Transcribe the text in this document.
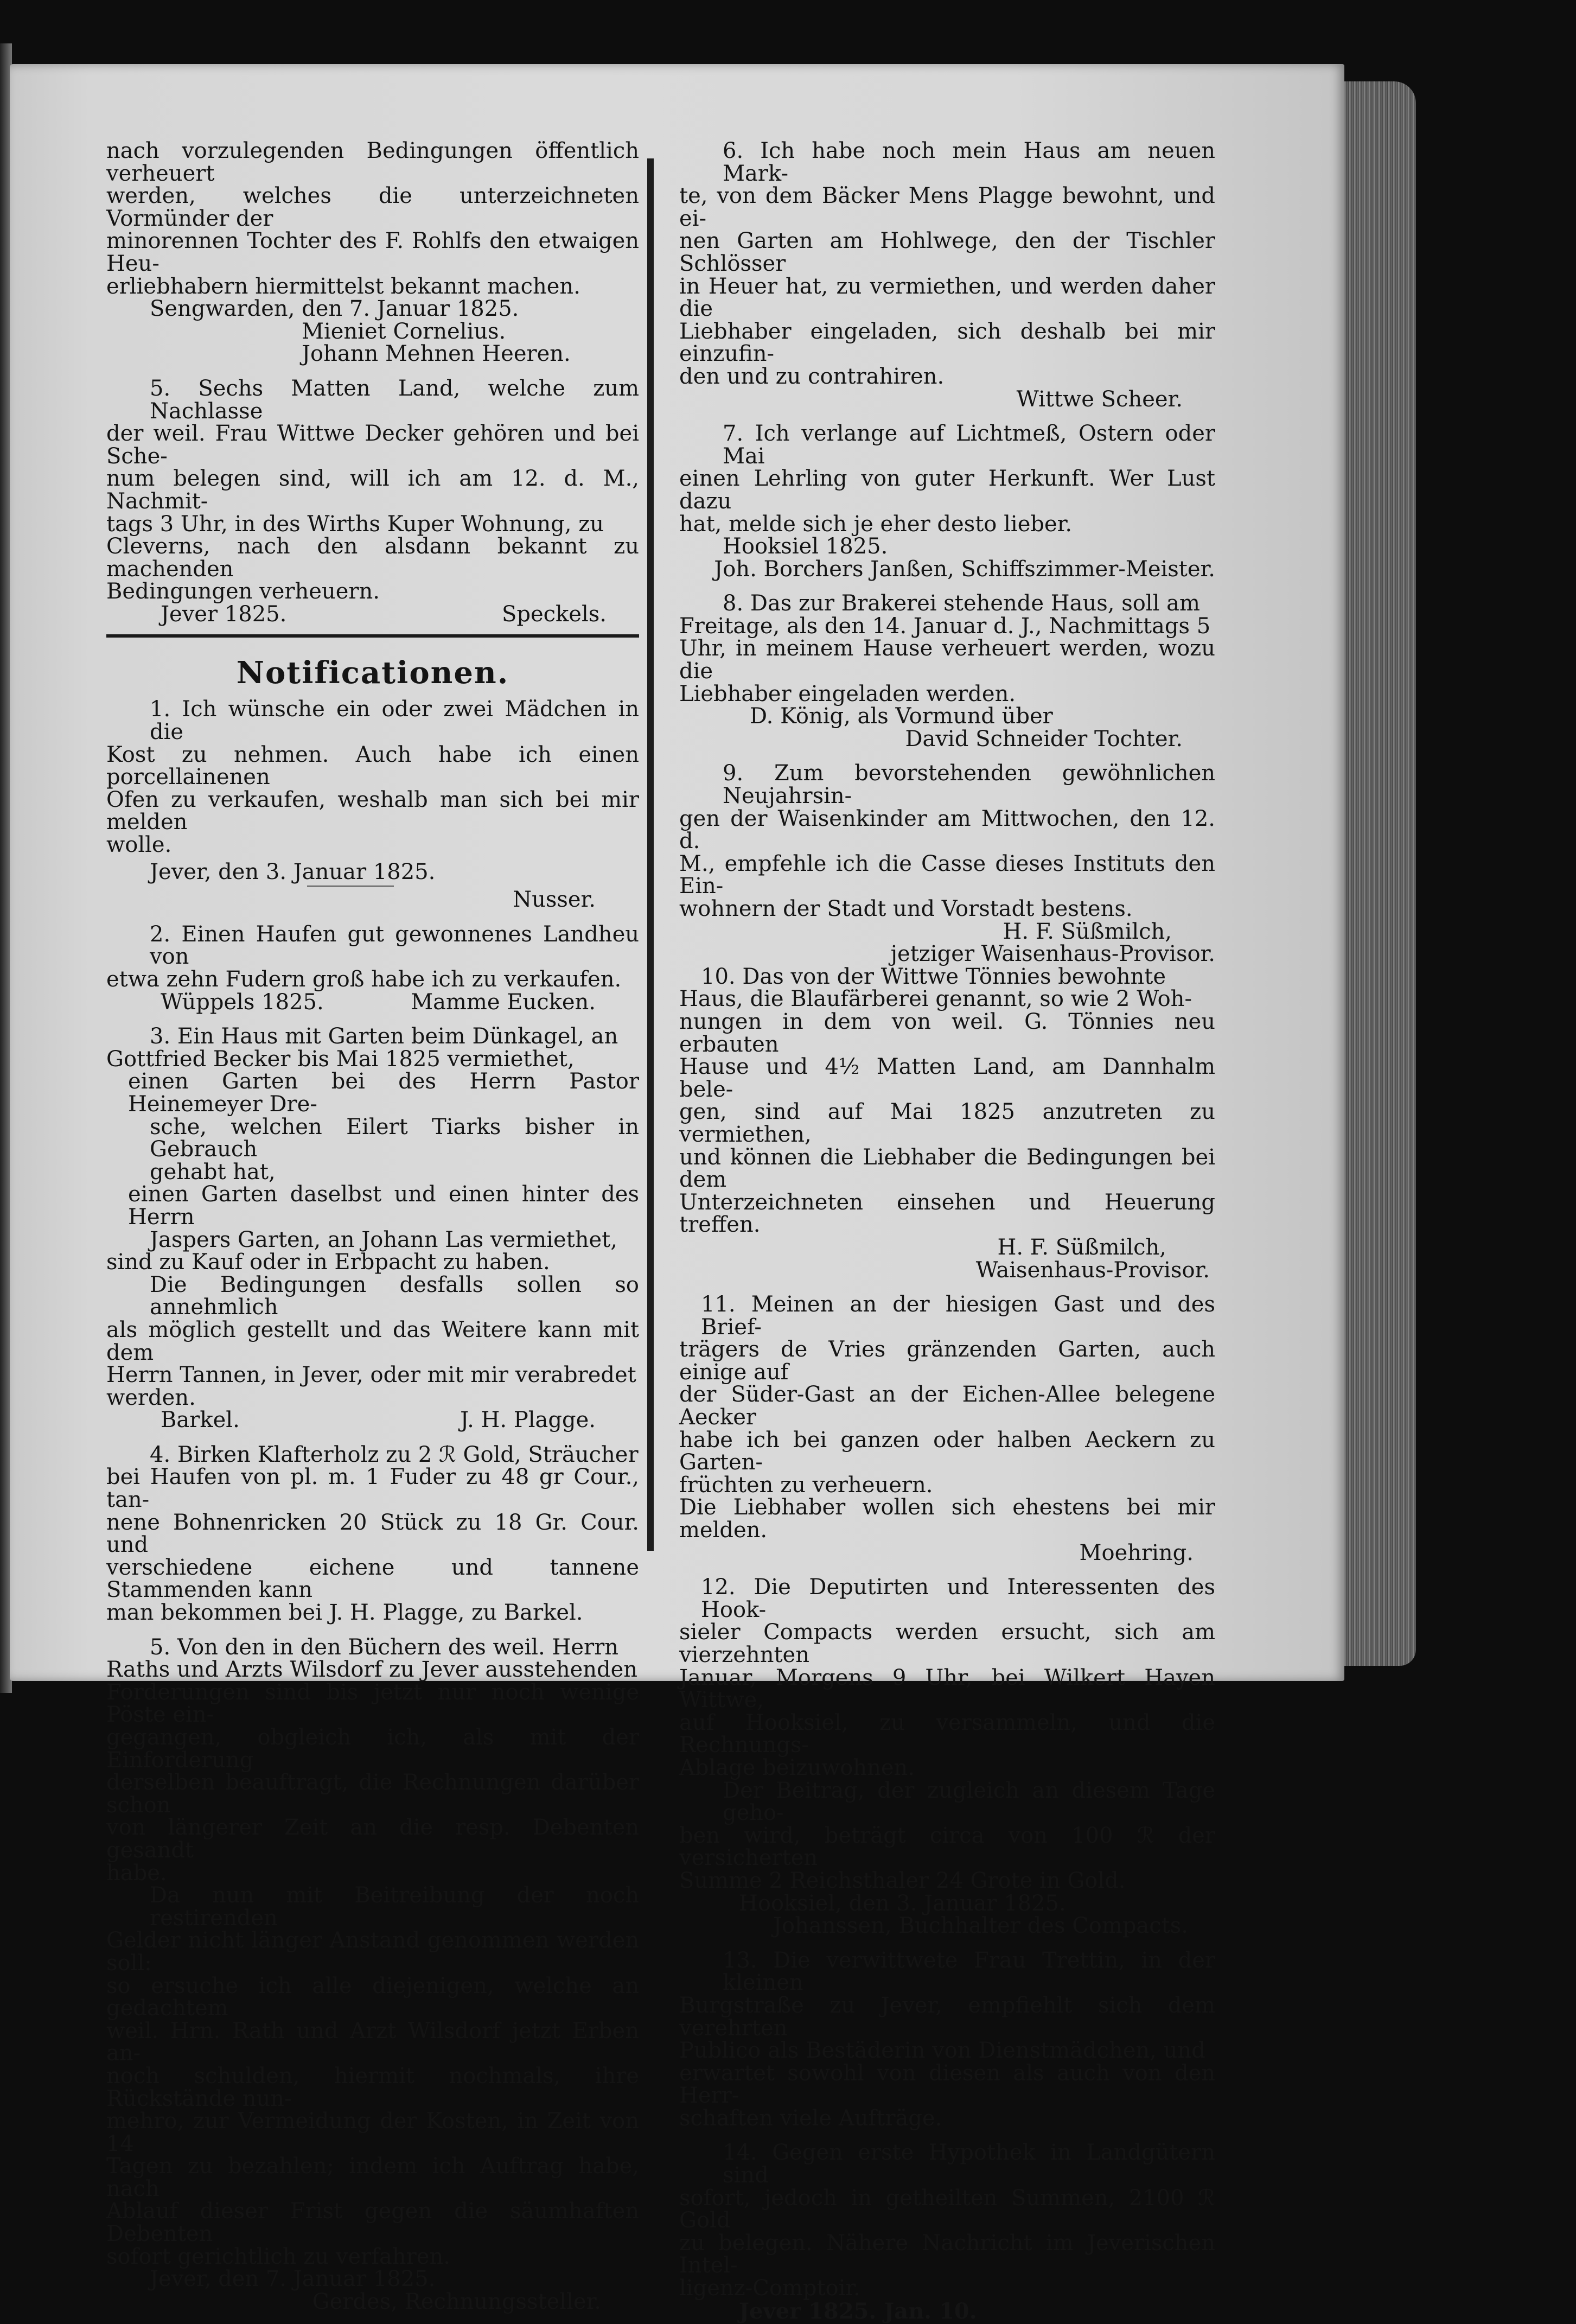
nach vorzulegenden Bedingungen öffentlich verheuert

werden, welches die unterzeichneten Vormünder der

minorennen Tochter des F. Rohlfs den etwaigen Heu-

erliebhabern hiermittelst bekannt machen.

Sengwarden, den 7. Januar 1825.

Mieniet Cornelius.

Johann Mehnen Heeren.

5. Sechs Matten Land, welche zum Nachlasse

der weil. Frau Wittwe Decker gehören und bei Sche-

num belegen sind, will ich am 12. d. M., Nachmit-

tags 3 Uhr, in des Wirths Kuper Wohnung, zu

Cleverns, nach den alsdann bekannt zu machenden

Bedingungen verheuern.

Jever 1825.	Speckels.
Notificationen.

1. Ich wünsche ein oder zwei Mädchen in die

Kost zu nehmen. Auch habe ich einen porcellainenen

Ofen zu verkaufen, weshalb man sich bei mir melden

wolle.

Jever, den 3. Januar 1825.

Nusser.

2. Einen Haufen gut gewonnenes Landheu von

etwa zehn Fudern groß habe ich zu verkaufen.

Wüppels 1825.	Mamme Eucken.

3. Ein Haus mit Garten beim Dünkagel, an

Gottfried Becker bis Mai 1825 vermiethet,

einen Garten bei des Herrn Pastor Heinemeyer Dre-

sche, welchen Eilert Tiarks bisher in Gebrauch

gehabt hat,

einen Garten daselbst und einen hinter des Herrn

Jaspers Garten, an Johann Las vermiethet,

sind zu Kauf oder in Erbpacht zu haben.

Die Bedingungen desfalls sollen so annehmlich

als möglich gestellt und das Weitere kann mit dem

Herrn Tannen, in Jever, oder mit mir verabredet

werden.

Barkel.	J. H. Plagge.

4. Birken Klafterholz zu 2 ℛ Gold, Sträucher

bei Haufen von pl. m. 1 Fuder zu 48 gr Cour., tan-

nene Bohnenricken 20 Stück zu 18 Gr. Cour. und

verschiedene eichene und tannene Stammenden kann

man bekommen bei J. H. Plagge, zu Barkel.

5. Von den in den Büchern des weil. Herrn

Raths und Arzts Wilsdorf zu Jever ausstehenden

Forderungen sind bis jetzt nur noch wenige Pöste ein-

gegangen, obgleich ich, als mit der Einforderung

derselben beauftragt, die Rechnungen darüber schon

von längerer Zeit an die resp. Debenten gesandt

habe.

Da nun mit Beitreibung der noch restirenden

Gelder nicht länger Anstand genommen werden soll:

so ersuche ich alle diejenigen, welche an gedachtem

weil. Hrn. Rath und Arzt Wilsdorf jetzt Erben an-

noch schulden, hiermit nochmals, ihre Rückstände nun-

mehro, zur Vermeidung der Kosten, in Zeit von 14

Tagen zu bezahlen; indem ich Auftrag habe, nach

Ablauf dieser Frist gegen die säumhaften Debenten

sofort gerichtlich zu verfahren.

Jever, den 7. Januar 1825.

Gerdes, Rechnungssteller.

6. Ich habe noch mein Haus am neuen Mark-

te, von dem Bäcker Mens Plagge bewohnt, und ei-

nen Garten am Hohlwege, den der Tischler Schlösser

in Heuer hat, zu vermiethen, und werden daher die

Liebhaber eingeladen, sich deshalb bei mir einzufin-

den und zu contrahiren.

Wittwe Scheer.

7. Ich verlange auf Lichtmeß, Ostern oder Mai

einen Lehrling von guter Herkunft. Wer Lust dazu

hat, melde sich je eher desto lieber.

Hooksiel 1825.

Joh. Borchers Janßen, Schiffszimmer-Meister.

8. Das zur Brakerei stehende Haus, soll am

Freitage, als den 14. Januar d. J., Nachmittags 5

Uhr, in meinem Hause verheuert werden, wozu die

Liebhaber eingeladen werden.

D. König, als Vormund über

David Schneider Tochter.

9. Zum bevorstehenden gewöhnlichen Neujahrsin-

gen der Waisenkinder am Mittwochen, den 12. d.

M., empfehle ich die Casse dieses Instituts den Ein-

wohnern der Stadt und Vorstadt bestens.

H. F. Süßmilch,

jetziger Waisenhaus-Provisor.

10. Das von der Wittwe Tönnies bewohnte

Haus, die Blaufärberei genannt, so wie 2 Woh-

nungen in dem von weil. G. Tönnies neu erbauten

Hause und 4½ Matten Land, am Dannhalm bele-

gen, sind auf Mai 1825 anzutreten zu vermiethen,

und können die Liebhaber die Bedingungen bei dem

Unterzeichneten einsehen und Heuerung treffen.

H. F. Süßmilch,

Waisenhaus-Provisor.

11. Meinen an der hiesigen Gast und des Brief-

trägers de Vries gränzenden Garten, auch einige auf

der Süder-Gast an der Eichen-Allee belegene Aecker

habe ich bei ganzen oder halben Aeckern zu Garten-

früchten zu verheuern.

Die Liebhaber wollen sich ehestens bei mir melden.

Moehring.

12. Die Deputirten und Interessenten des Hook-

sieler Compacts werden ersucht, sich am vierzehnten

Januar, Morgens 9 Uhr, bei Wilkert Hayen Wittwe,

auf Hooksiel, zu versammeln, und die Rechnungs-

Ablage beizuwohnen.

Der Beitrag, der zugleich an diesem Tage geho-

ben wird, beträgt circa von 100 ℛ der versicherten

Summe 2 Reichsthaler 24 Grote in Gold.

Hooksiel, den 3. Januar 1825.

Johanssen, Buchhalter des Compacts.

13. Die verwittwete Frau Trettin, in der kleinen

Burgstraße zu Jever, empfiehlt sich dem verehrten

Publico als Bestäderin von Dienstmädchen, und

erwartet sowohl von diesen als auch von den Herr-

schaften viele Aufträge.

14. Gegen erste Hypothek in Landgütern sind

sofort, jedoch in getheilten Summen, 2100 ℛ Gold

zu belegen. Nähere Nachricht im Jeverischen Intel-

ligenz-Comptoir.

Jever 1825. Jan. 10.
